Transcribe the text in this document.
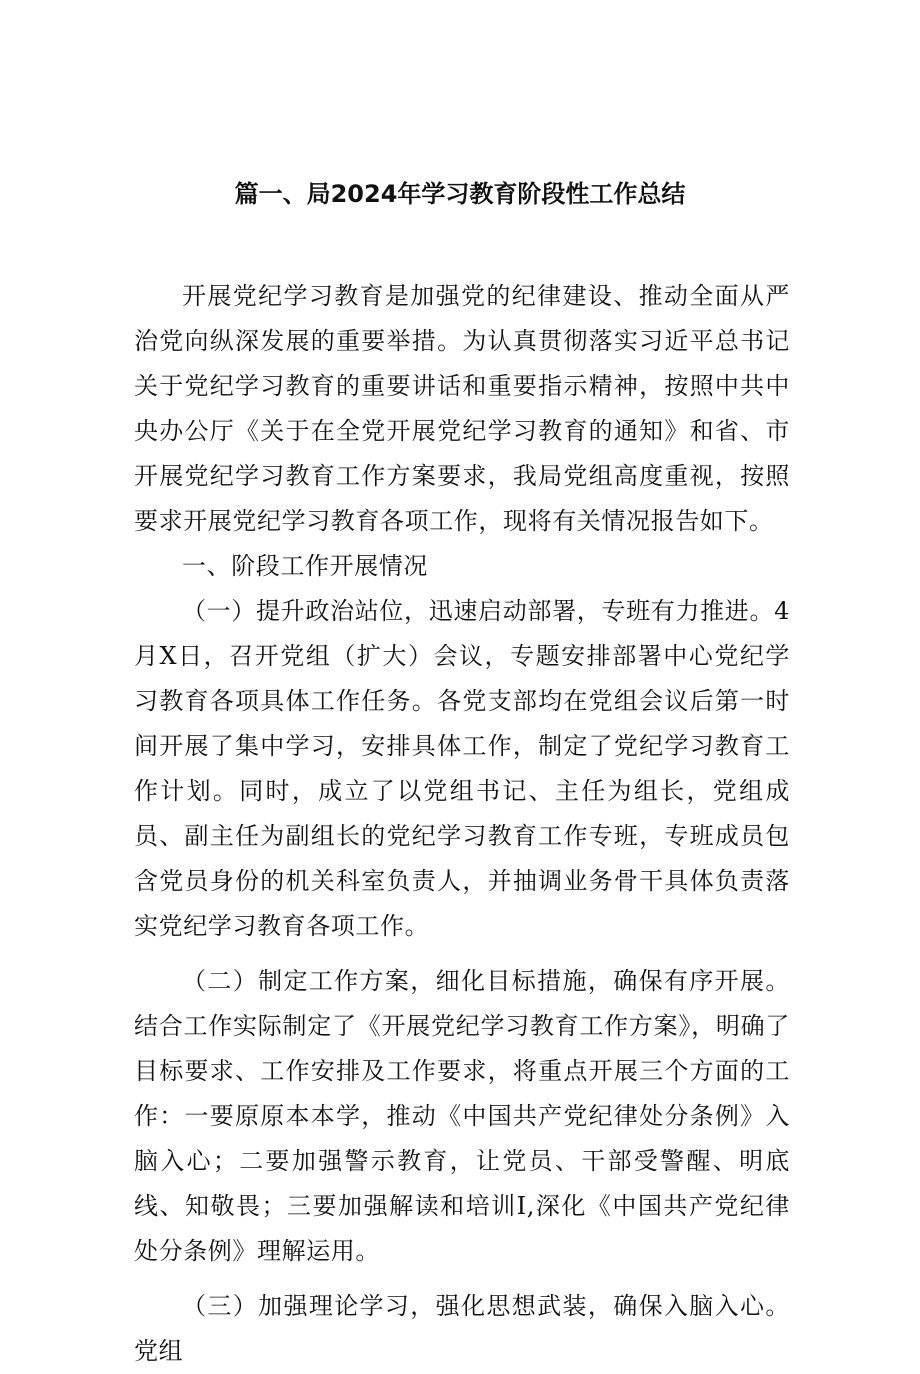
篇一、局2024年学习教育阶段性工作总结

开展党纪学习教育是加强党的纪律建设、推动全面从严治党向纵深发展的重要举措。为认真贯彻落实习近平总书记关于党纪学习教育的重要讲话和重要指示精神，按照中共中央办公厅《关于在全党开展党纪学习教育的通知》和省、市开展党纪学习教育工作方案要求，我局党组高度重视，按照要求开展党纪学习教育各项工作，现将有关情况报告如下。

一、阶段工作开展情况

（一）提升政治站位，迅速启动部署，专班有力推进。4月X日，召开党组（扩大）会议，专题安排部署中心党纪学习教育各项具体工作任务。各党支部均在党组会议后第一时间开展了集中学习，安排具体工作，制定了党纪学习教育工作计划。同时，成立了以党组书记、主任为组长，党组成员、副主任为副组长的党纪学习教育工作专班，专班成员包含党员身份的机关科室负责人，并抽调业务骨干具体负责落实党纪学习教育各项工作。

（二）制定工作方案，细化目标措施，确保有序开展。结合工作实际制定了《开展党纪学习教育工作方案》，明确了目标要求、工作安排及工作要求，将重点开展三个方面的工作：一要原原本本学，推动《中国共产党纪律处分条例》入脑入心；二要加强警示教育，让党员、干部受警醒、明底线、知敬畏；三要加强解读和培训I,深化《中国共产党纪律处分条例》理解运用。

（三）加强理论学习，强化思想武装，确保入脑入心。党组
